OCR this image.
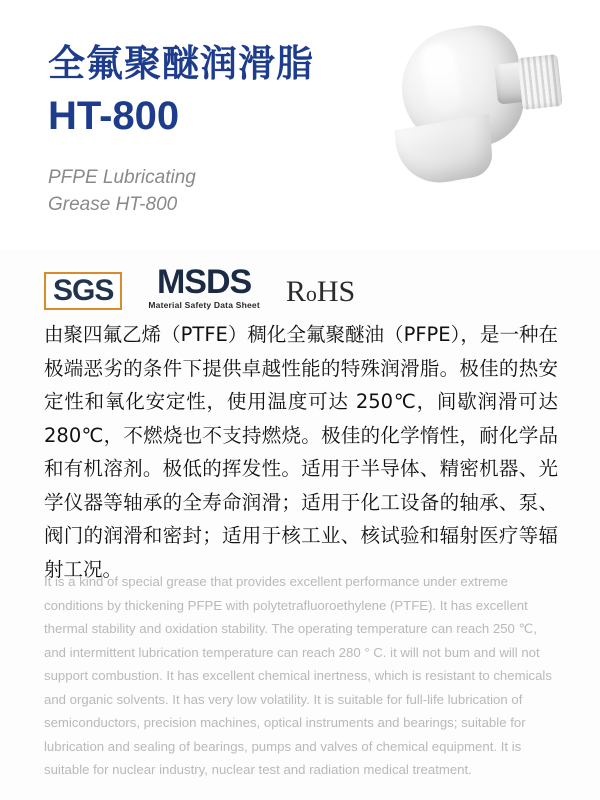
全氟聚醚润滑脂
HT-800

PFPE Lubricating
Grease HT-800

SGS MSDS
Material Safety Data Sheet RoHS
由聚四氟乙烯（PTFE）稠化全氟聚醚油（PFPE），是一种在极端恶劣的条件下提供卓越性能的特殊润滑脂。极佳的热安定性和氧化安定性，使用温度可达 250℃，间歇润滑可达 280℃，不燃烧也不支持燃烧。极佳的化学惰性，耐化学品和有机溶剂。极低的挥发性。适用于半导体、精密机器、光学仪器等轴承的全寿命润滑；适用于化工设备的轴承、泵、阀门的润滑和密封；适用于核工业、核试验和辐射医疗等辐射工况。
It is a kind of special grease that provides excellent performance under extreme conditions by thickening PFPE with polytetrafluoroethylene (PTFE). It has excellent thermal stability and oxidation stability. The operating temperature can reach 250 ℃, and intermittent lubrication temperature can reach 280 ° C. it will not bum and will not support combustion. It has excellent chemical inertness, which is resistant to chemicals and organic solvents. It has very low volatility. It is suitable for full-life lubrication of semiconductors, precision machines, optical instruments and bearings; suitable for lubrication and sealing of bearings, pumps and valves of chemical equipment. It is suitable for nuclear industry, nuclear test and radiation medical treatment.
